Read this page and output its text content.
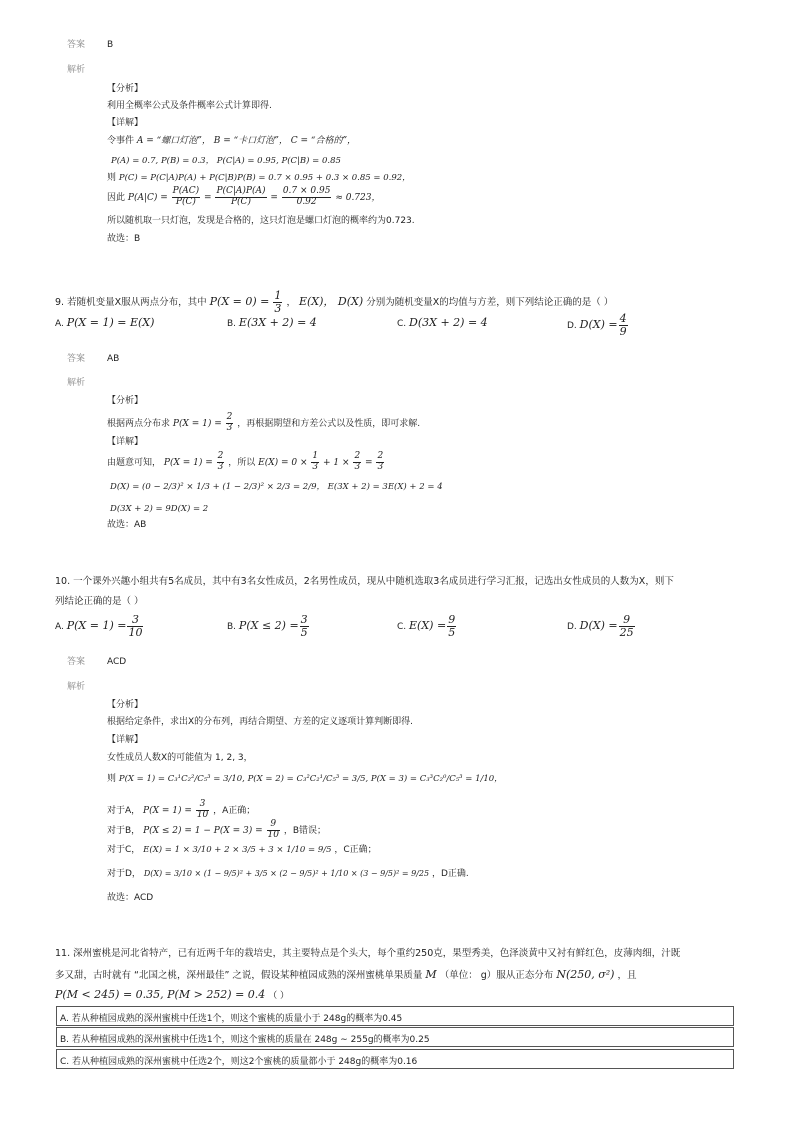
答案 B
解析
【分析】
利用全概率公式及条件概率公式计算即得.
【详解】
令事件 A = “螺口灯泡”， B = “卡口灯泡”， C = “合格的”，
P(A) = 0.7, P(B) = 0.3， P(C|A) = 0.95, P(C|B) = 0.85
则 P(C) = P(C|A)P(A) + P(C|B)P(B) = 0.7 × 0.95 + 0.3 × 0.85 = 0.92，
因此 $P(A|C) = \frac{P(AC)}{P(C)} = \frac{P(C|A)P(A)}{P(C)} = \frac{0.7 \times 0.95}{0.92} \approx 0.723$，
所以随机取一只灯泡，发现是合格的，这只灯泡是螺口灯泡的概率约为0.723.
故选：B
9. 若随机变量X服从两点分布，其中 $P(X = 0) = \frac{1}{3}$ ， E(X)， D(X) 分别为随机变量X的均值与方差，则下列结论正确的是（ ）
A. P(X = 1) = E(X)	B. E(3X + 2) = 4	C. D(3X + 2) = 4	D. $D(X) = \frac{4}{9}$
答案 AB
解析
【分析】
根据两点分布求 $P(X = 1) = \frac{2}{3}$ ，再根据期望和方差公式以及性质，即可求解.
【详解】
由题意可知， $P(X = 1) = \frac{2}{3}$ ，所以 $E(X) = 0 \times \frac{1}{3} + 1 \times \frac{2}{3} = \frac{2}{3}$
D(X) = (0 − 2/3)² × 1/3 + (1 − 2/3)² × 2/3 = 2/9， E(3X + 2) = 3E(X) + 2 = 4
D(3X + 2) = 9D(X) = 2
故选：AB
10. 一个课外兴趣小组共有5名成员，其中有3名女性成员，2名男性成员，现从中随机选取3名成员进行学习汇报，记选出女性成员的人数为X，则下
列结论正确的是（ ）
A. $P(X = 1) = \frac{3}{10}$	B. $P(X \le 2) = \frac{3}{5}$	C. $E(X) = \frac{9}{5}$	D. $D(X) = \frac{9}{25}$
答案 ACD
解析
【分析】
根据给定条件，求出X的分布列，再结合期望、方差的定义逐项计算判断即得.
【详解】
女性成员人数X的可能值为 1, 2, 3，
则 P(X = 1) = C₃¹C₂²/C₅³ = 3/10, P(X = 2) = C₃²C₂¹/C₅³ = 3/5, P(X = 3) = C₃³C₂⁰/C₅³ = 1/10，
对于A， $P(X = 1) = \frac{3}{10}$ ，A正确；
对于B， $P(X \le 2) = 1 - P(X = 3) = \frac{9}{10}$ ，B错误；
对于C， E(X) = 1 × 3/10 + 2 × 3/5 + 3 × 1/10 = 9/5 ，C正确；
对于D， D(X) = 3/10 × (1 − 9/5)² + 3/5 × (2 − 9/5)² + 1/10 × (3 − 9/5)² = 9/25 ，D正确.
故选：ACD
11. 深州蜜桃是河北省特产，已有近两千年的栽培史，其主要特点是个头大，每个重约250克，果型秀美，色泽淡黄中又衬有鲜红色，皮薄肉细，汁既
多又甜，古时就有 “北国之桃，深州最佳” 之说，假设某种植园成熟的深州蜜桃单果质量 M （单位： g）服从正态分布 N(250, σ²) ，且
P(M < 245) = 0.35, P(M > 252) = 0.4 （ ）
A. 若从种植园成熟的深州蜜桃中任选1个，则这个蜜桃的质量小于 248g的概率为0.45
B. 若从种植园成熟的深州蜜桃中任选1个，则这个蜜桃的质量在 248g ∼ 255g的概率为0.25
C. 若从种植园成熟的深州蜜桃中任选2个，则这2个蜜桃的质量都小于 248g的概率为0.16
